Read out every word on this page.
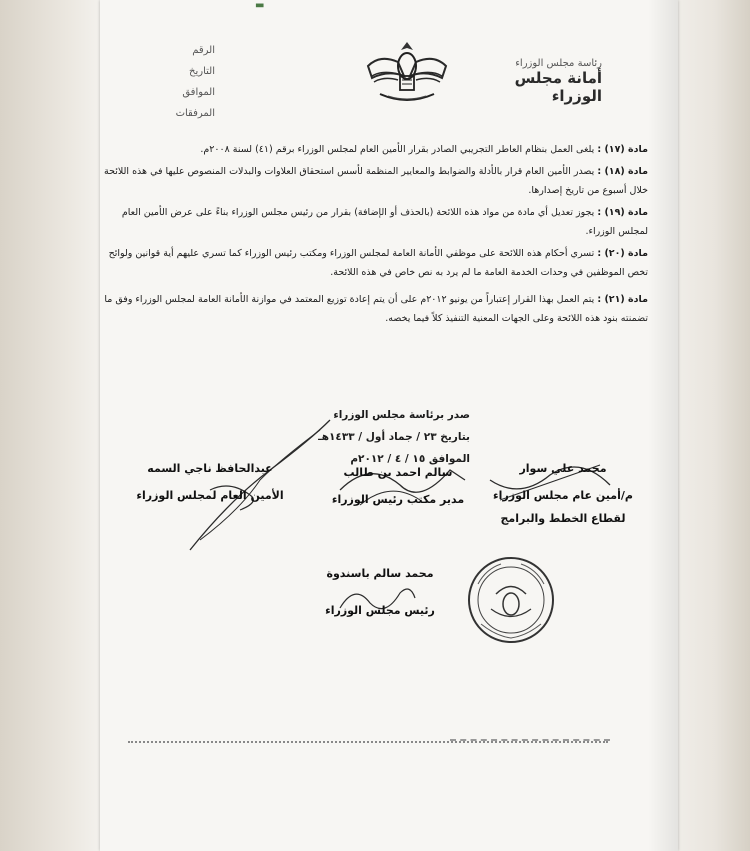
▬
الرقم
التاريخ
الموافق
المرفقات
رئاسة مجلس الوزراء
أمانة مجلس الوزراء

مادة (١٧) : يلغى العمل بنظام العاطر التجريبي الصادر بقرار الأمين العام لمجلس الوزراء برقم (٤١) لسنة ٢٠٠٨م.

مادة (١٨) : يصدر الأمين العام قرار بالأدلة والضوابط والمعايير المنظمة لأسس استحقاق العلاوات والبدلات المنصوص عليها في هذه اللائحة خلال أسبوع من تاريخ إصدارها.

مادة (١٩) : يجوز تعديل أي مادة من مواد هذه اللائحة (بالحذف أو الإضافة) بقرار من رئيس مجلس الوزراء بناءً على عرض الأمين العام لمجلس الوزراء.

مادة (٢٠) : تسري أحكام هذه اللائحة على موظفي الأمانة العامة لمجلس الوزراء ومكتب رئيس الوزراء كما تسري عليهم أية قوانين ولوائح تخص الموظفين في وحدات الخدمة العامة ما لم يرد به نص خاص في هذه اللائحة.

مادة (٢١) : يتم العمل بهذا القرار إعتباراً من يونيو ٢٠١٢م على أن يتم إعادة توزيع المعتمد في موازنة الأمانة العامة لمجلس الوزراء وفق ما تضمنته بنود هذه اللائحة وعلى الجهات المعنية التنفيذ كلاً فيما يخصه.

صدر برئاسة مجلس الوزراء
بتاريخ ٢٣ / جماد أول / ١٤٣٣هـ
الموافق ١٥ / ٤ / ٢٠١٢م
عبدالحافظ ناجي السمه
الأمين العام لمجلس الوزراء
سالم احمد بن طالب
مدير مكتب رئيس الوزراء
محمد علي سوار
م/أمين عام مجلس الوزراء
لقطاع الخطط والبرامج
محمد سالم باسندوة
رئيس مجلس الوزراء
